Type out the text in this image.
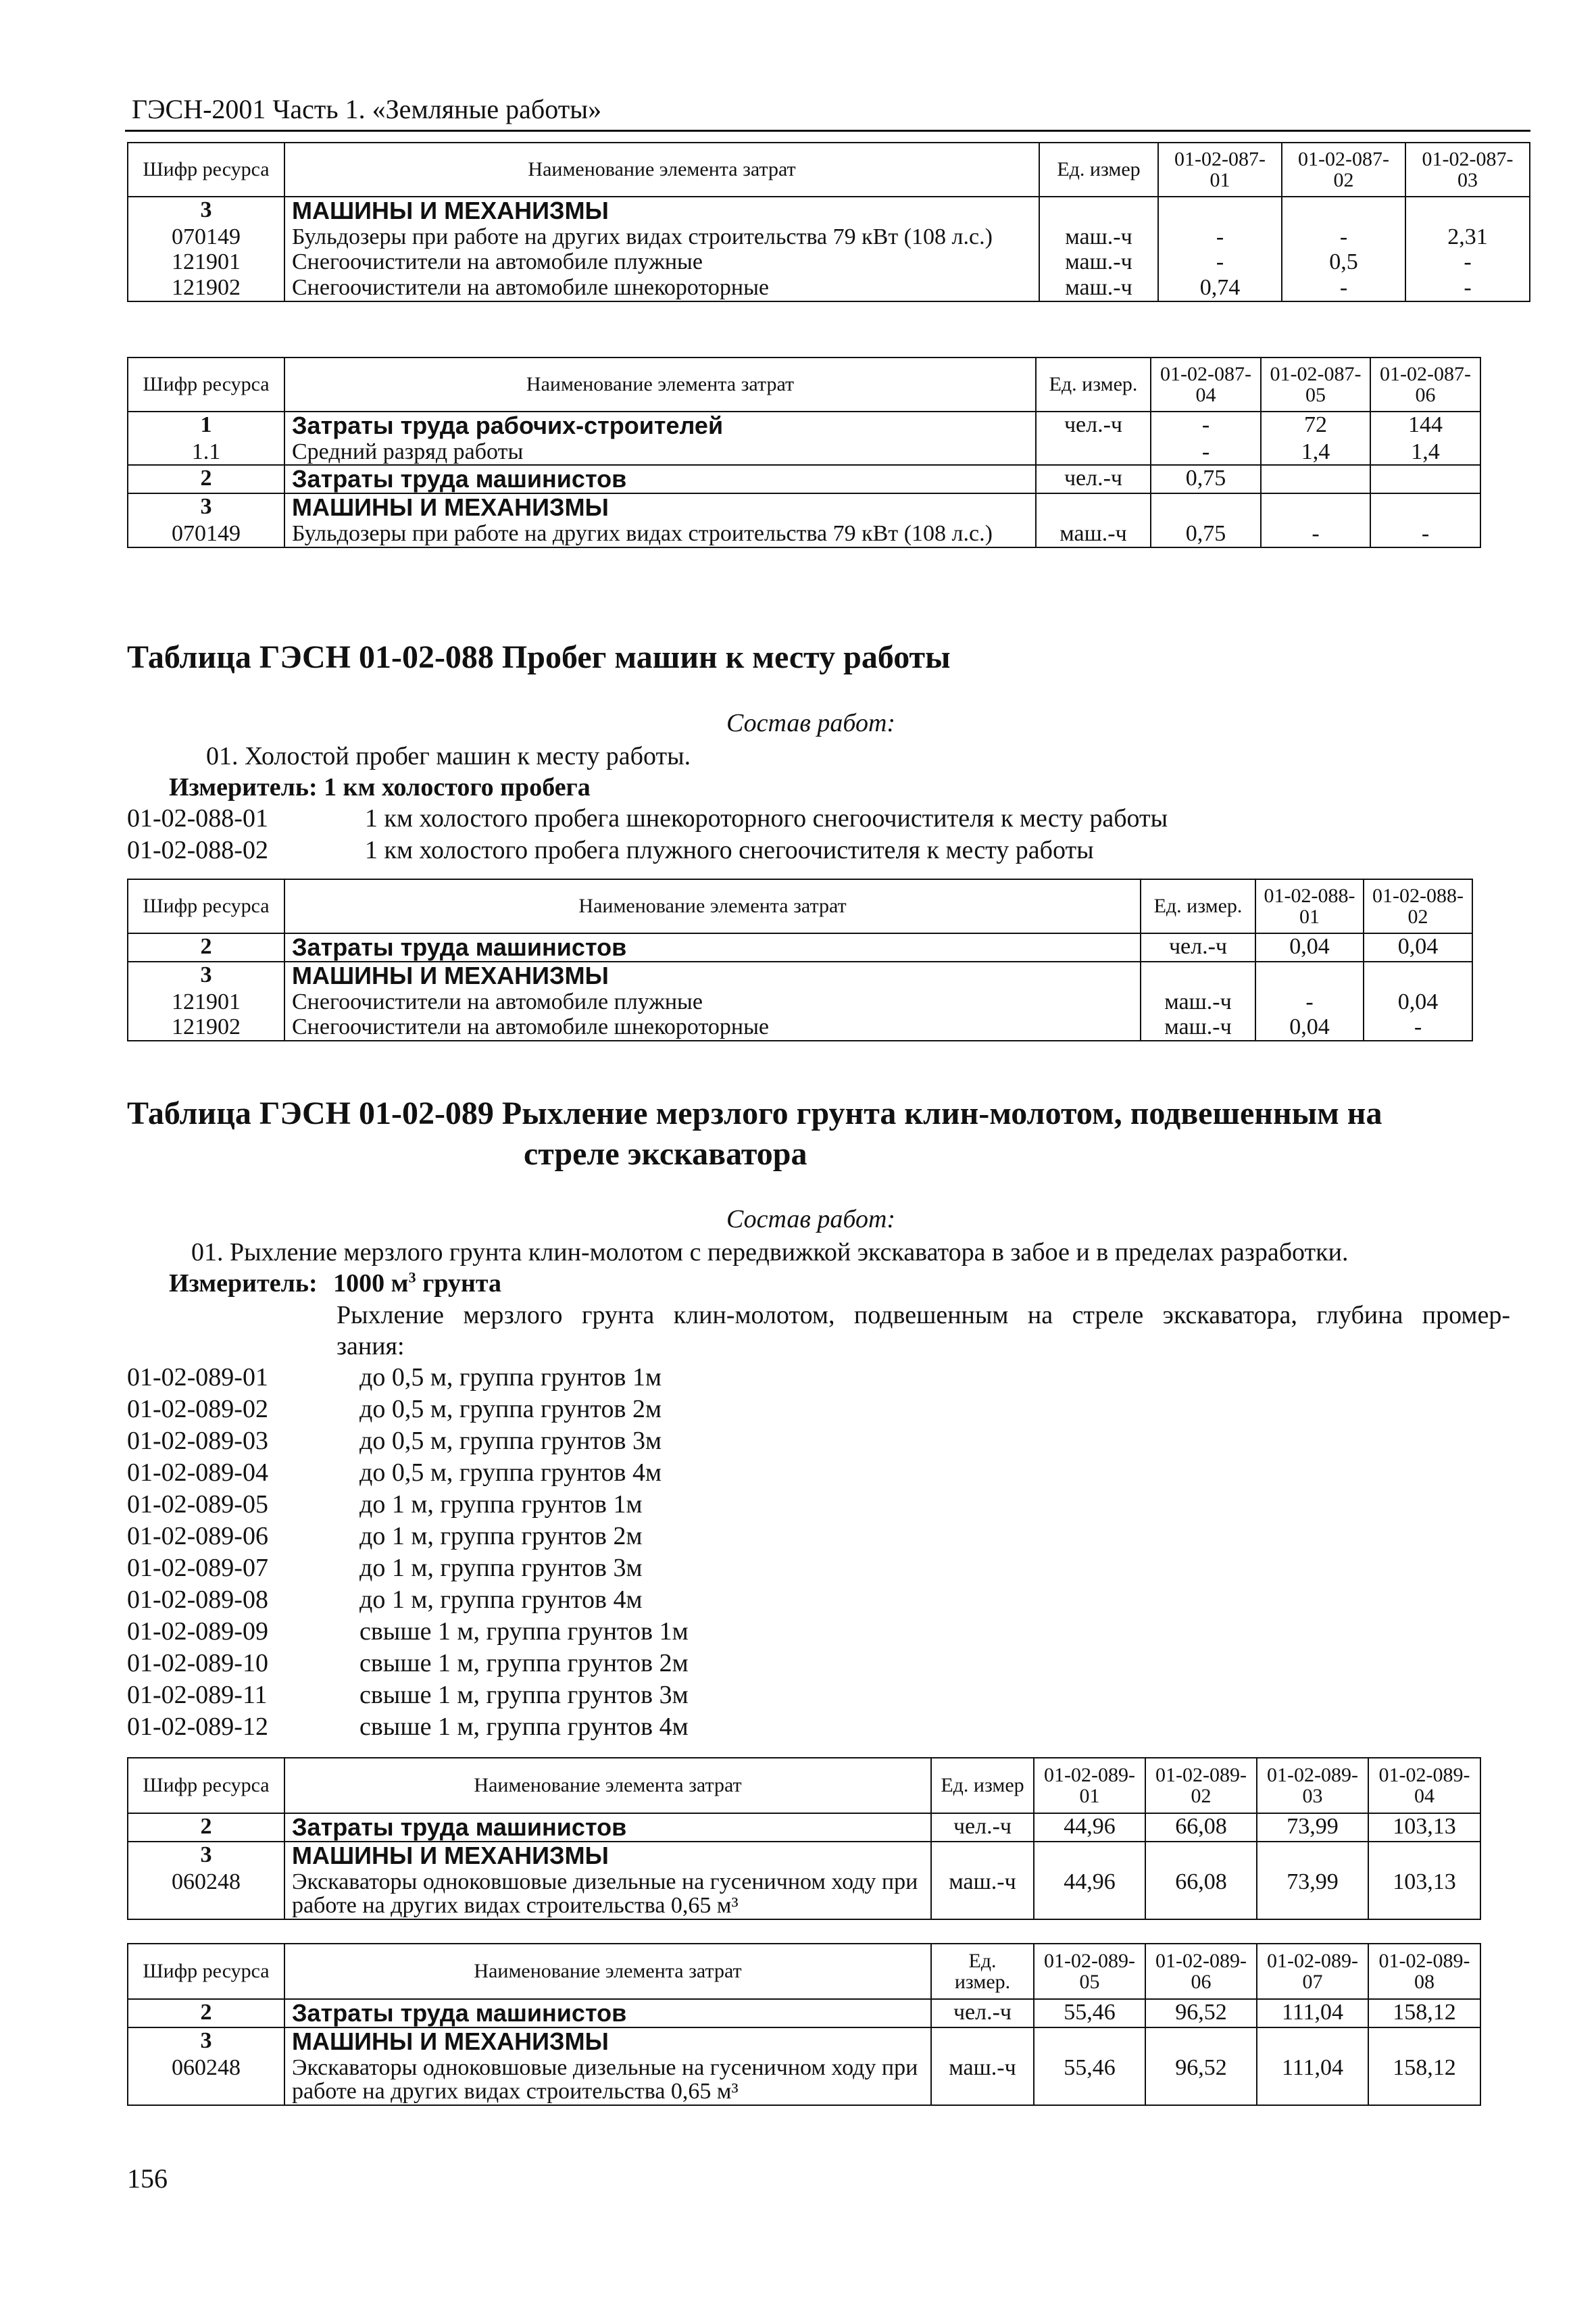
ГЭСН-2001 Часть 1. «Земляные работы»
Шифр ресурса	Наименование элемента затрат	Ед. измер	01-02-087-01	01-02-087-02	01-02-087-03
3	МАШИНЫ И МЕХАНИЗМЫ				
070149	Бульдозеры при работе на других видах строительства 79 кВт (108 л.с.)	маш.-ч	-	-	2,31
121901	Снегоочистители на автомобиле плужные	маш.-ч	-	0,5	-
121902	Снегоочистители на автомобиле шнекороторные	маш.-ч	0,74	-	-
Шифр ресурса	Наименование элемента затрат	Ед. измер.	01-02-087-04	01-02-087-05	01-02-087-06
1	Затраты труда рабочих-строителей	чел.-ч	-	72	144
1.1	Средний разряд работы		-	1,4	1,4
2	Затраты труда машинистов	чел.-ч	0,75		
3	МАШИНЫ И МЕХАНИЗМЫ				
070149	Бульдозеры при работе на других видах строительства 79 кВт (108 л.с.)	маш.-ч	0,75	-	-
Таблица ГЭСН 01-02-088 Пробег машин к месту работы
Состав работ:
01. Холостой пробег машин к месту работы.
Измеритель: 1 км холостого пробега
01-02-088-01	1 км холостого пробега шнекороторного снегоочистителя к месту работы
01-02-088-02	1 км холостого пробега плужного снегоочистителя к месту работы
Шифр ресурса	Наименование элемента затрат	Ед. измер.	01-02-088-01	01-02-088-02
2	Затраты труда машинистов	чел.-ч	0,04	0,04
3	МАШИНЫ И МЕХАНИЗМЫ			
121901	Снегоочистители на автомобиле плужные	маш.-ч	-	0,04
121902	Снегоочистители на автомобиле шнекороторные	маш.-ч	0,04	-
Таблица ГЭСН 01-02-089 Рыхление мерзлого грунта клин-молотом, подвешенным на
стреле экскаватора
Состав работ:
01. Рыхление мерзлого грунта клин-молотом с передвижкой экскаватора в забое и в пределах разработки.
Измеритель: 1000 $м^3$ грунта
Рыхление мерзлого грунта клин-молотом, подвешенным на стреле экскаватора, глубина промер-
зания:
01-02-089-01	до 0,5 м, группа грунтов 1м
01-02-089-02	до 0,5 м, группа грунтов 2м
01-02-089-03	до 0,5 м, группа грунтов 3м
01-02-089-04	до 0,5 м, группа грунтов 4м
01-02-089-05	до 1 м, группа грунтов 1м
01-02-089-06	до 1 м, группа грунтов 2м
01-02-089-07	до 1 м, группа грунтов 3м
01-02-089-08	до 1 м, группа грунтов 4м
01-02-089-09	свыше 1 м, группа грунтов 1м
01-02-089-10	свыше 1 м, группа грунтов 2м
01-02-089-11	свыше 1 м, группа грунтов 3м
01-02-089-12	свыше 1 м, группа грунтов 4м
Шифр ресурса	Наименование элемента затрат	Ед. измер	01-02-089-01	01-02-089-02	01-02-089-03	01-02-089-04
2	Затраты труда машинистов	чел.-ч	44,96	66,08	73,99	103,13
3	МАШИНЫ И МЕХАНИЗМЫ					
060248	Экскаваторы одноковшовые дизельные на гусеничном ходу при работе на других видах строительства 0,65 м³	маш.-ч	44,96	66,08	73,99	103,13
Шифр ресурса	Наименование элемента затрат	Ед. измер.	01-02-089-05	01-02-089-06	01-02-089-07	01-02-089-08
2	Затраты труда машинистов	чел.-ч	55,46	96,52	111,04	158,12
3	МАШИНЫ И МЕХАНИЗМЫ					
060248	Экскаваторы одноковшовые дизельные на гусеничном ходу при работе на других видах строительства 0,65 м³	маш.-ч	55,46	96,52	111,04	158,12
156
